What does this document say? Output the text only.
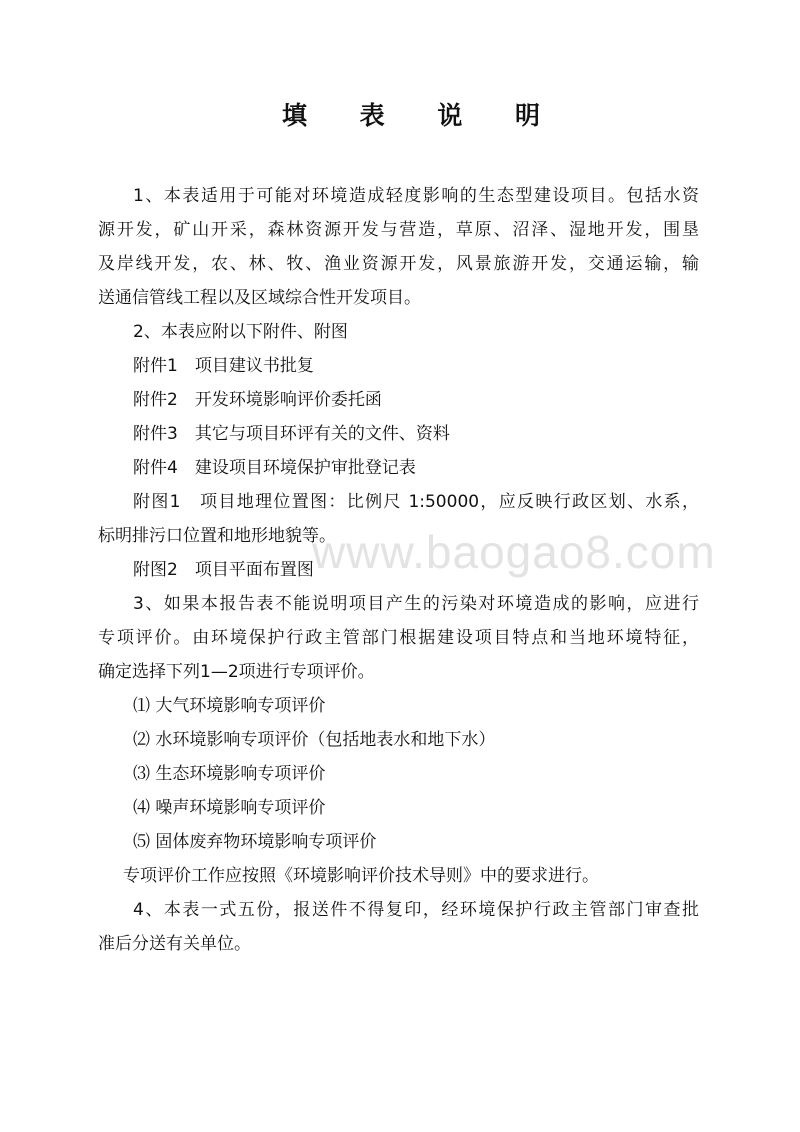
填 表 说 明
www.baogao8.com
1、本表适用于可能对环境造成轻度影响的生态型建设项目。包括水资
源开发，矿山开采，森林资源开发与营造，草原、沼泽、湿地开发，围垦
及岸线开发，农、林、牧、渔业资源开发，风景旅游开发，交通运输，输
送通信管线工程以及区域综合性开发项目。
2、本表应附以下附件、附图
附件1　项目建议书批复
附件2　开发环境影响评价委托函
附件3　其它与项目环评有关的文件、资料
附件4　建设项目环境保护审批登记表
附图1　项目地理位置图：比例尺 1:50000，应反映行政区划、水系，
标明排污口位置和地形地貌等。
附图2　项目平面布置图
3、如果本报告表不能说明项目产生的污染对环境造成的影响，应进行
专项评价。由环境保护行政主管部门根据建设项目特点和当地环境特征，
确定选择下列1—2项进行专项评价。
⑴ 大气环境影响专项评价
⑵ 水环境影响专项评价（包括地表水和地下水）
⑶ 生态环境影响专项评价
⑷ 噪声环境影响专项评价
⑸ 固体废弃物环境影响专项评价
专项评价工作应按照《环境影响评价技术导则》中的要求进行。
4、本表一式五份，报送件不得复印，经环境保护行政主管部门审查批
准后分送有关单位。
